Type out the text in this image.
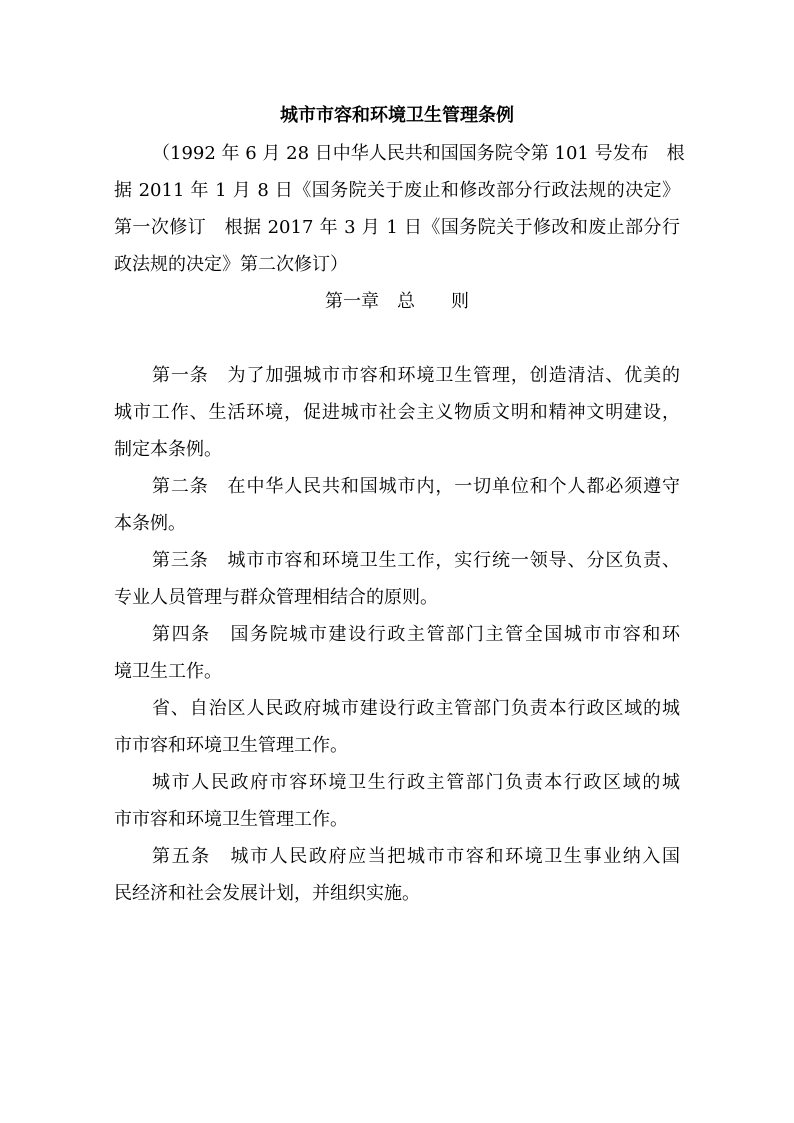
城市市容和环境卫生管理条例
（1992 年 6 月 28 日中华人民共和国国务院令第 101 号发布　根
据 2011 年 1 月 8 日《国务院关于废止和修改部分行政法规的决定》
第一次修订　根据 2017 年 3 月 1 日《国务院关于修改和废止部分行
政法规的决定》第二次修订）
第一章　总　　则
第一条　为了加强城市市容和环境卫生管理，创造清洁、优美的
城市工作、生活环境，促进城市社会主义物质文明和精神文明建设，
制定本条例。
第二条　在中华人民共和国城市内，一切单位和个人都必须遵守
本条例。
第三条　城市市容和环境卫生工作，实行统一领导、分区负责、
专业人员管理与群众管理相结合的原则。
第四条　国务院城市建设行政主管部门主管全国城市市容和环
境卫生工作。
省、自治区人民政府城市建设行政主管部门负责本行政区域的城
市市容和环境卫生管理工作。
城市人民政府市容环境卫生行政主管部门负责本行政区域的城
市市容和环境卫生管理工作。
第五条　城市人民政府应当把城市市容和环境卫生事业纳入国
民经济和社会发展计划，并组织实施。
